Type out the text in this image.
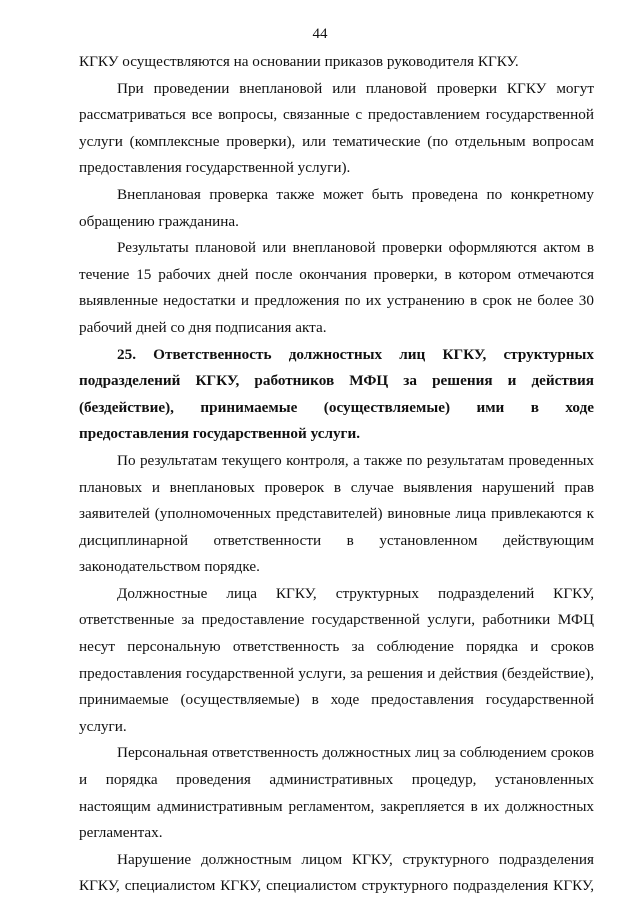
44

КГКУ осуществляются на основании приказов руководителя КГКУ.

При проведении внеплановой или плановой проверки КГКУ могут рассматриваться все вопросы, связанные с предоставлением государственной услуги (комплексные проверки), или тематические (по отдельным вопросам предоставления государственной услуги).

Внеплановая проверка также может быть проведена по конкретному обращению гражданина.

Результаты плановой или внеплановой проверки оформляются актом в течение 15 рабочих дней после окончания проверки, в котором отмечаются выявленные недостатки и предложения по их устранению в срок не более 30 рабочий дней со дня подписания акта.

25. Ответственность должностных лиц КГКУ, структурных подразделений КГКУ, работников МФЦ за решения и действия (бездействие), принимаемые (осуществляемые) ими в ходе предоставления государственной услуги.

По результатам текущего контроля, а также по результатам проведенных плановых и внеплановых проверок в случае выявления нарушений прав заявителей (уполномоченных представителей) виновные лица привлекаются к дисциплинарной ответственности в установленном действующим законодательством порядке.

Должностные лица КГКУ, структурных подразделений КГКУ, ответственные за предоставление государственной услуги, работники МФЦ несут персональную ответственность за соблюдение порядка и сроков предоставления государственной услуги, за решения и действия (бездействие), принимаемые (осуществляемые) в ходе предоставления государственной услуги.

Персональная ответственность должностных лиц за соблюдением сроков и порядка проведения административных процедур, установленных настоящим административным регламентом, закрепляется в их должностных регламентах.

Нарушение должностным лицом КГКУ, структурного подразделения КГКУ, специалистом КГКУ, специалистом структурного подразделения КГКУ,
